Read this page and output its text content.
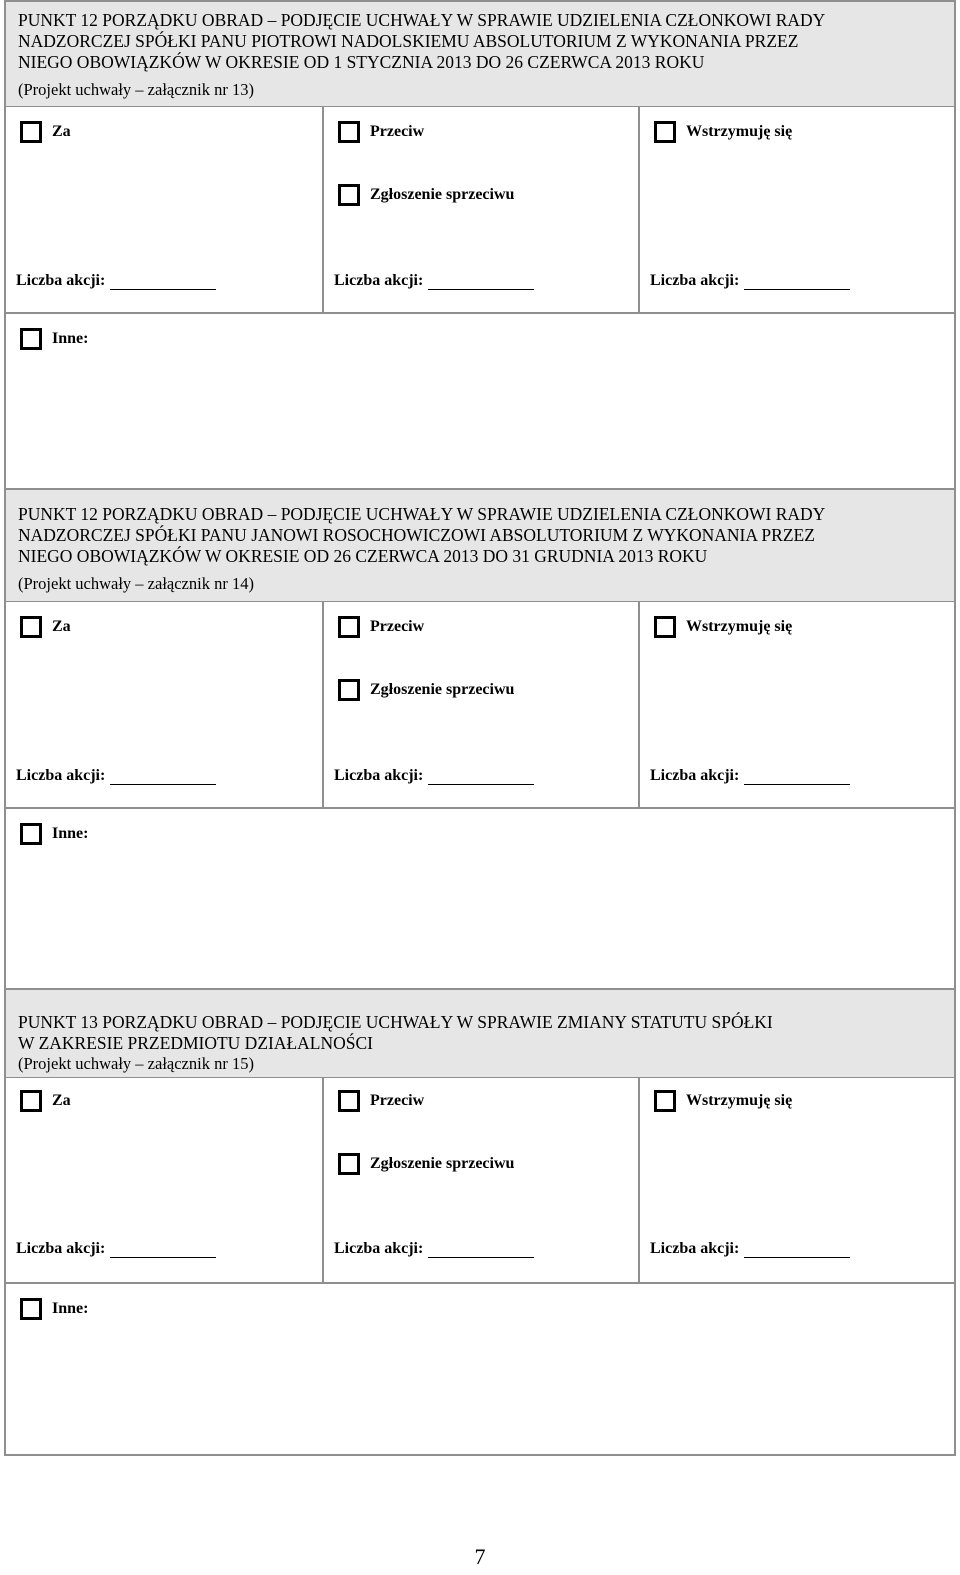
PUNKT 12 PORZĄDKU OBRAD – PODJĘCIE UCHWAŁY W SPRAWIE UDZIELENIA CZŁONKOWI RADY
NADZORCZEJ SPÓŁKI PANU PIOTROWI NADOLSKIEMU ABSOLUTORIUM Z WYKONANIA PRZEZ
NIEGO OBOWIĄZKÓW W OKRESIE OD 1 STYCZNIA 2013 DO 26 CZERWCA 2013 ROKU
(Projekt uchwały – załącznik nr 13)
Za
Liczba akcji:
Przeciw
Zgłoszenie sprzeciwu
Liczba akcji:
Wstrzymuję się
Liczba akcji:
Inne:
PUNKT 12 PORZĄDKU OBRAD – PODJĘCIE UCHWAŁY W SPRAWIE UDZIELENIA CZŁONKOWI RADY
NADZORCZEJ SPÓŁKI PANU JANOWI ROSOCHOWICZOWI ABSOLUTORIUM Z WYKONANIA PRZEZ
NIEGO OBOWIĄZKÓW W OKRESIE OD 26 CZERWCA 2013 DO 31 GRUDNIA 2013 ROKU
(Projekt uchwały – załącznik nr 14)
Za
Liczba akcji:
Przeciw
Zgłoszenie sprzeciwu
Liczba akcji:
Wstrzymuję się
Liczba akcji:
Inne:
PUNKT 13 PORZĄDKU OBRAD – PODJĘCIE UCHWAŁY W SPRAWIE ZMIANY STATUTU SPÓŁKI
W ZAKRESIE PRZEDMIOTU DZIAŁALNOŚCI
(Projekt uchwały – załącznik nr 15)
Za
Liczba akcji:
Przeciw
Zgłoszenie sprzeciwu
Liczba akcji:
Wstrzymuję się
Liczba akcji:
Inne:
7
